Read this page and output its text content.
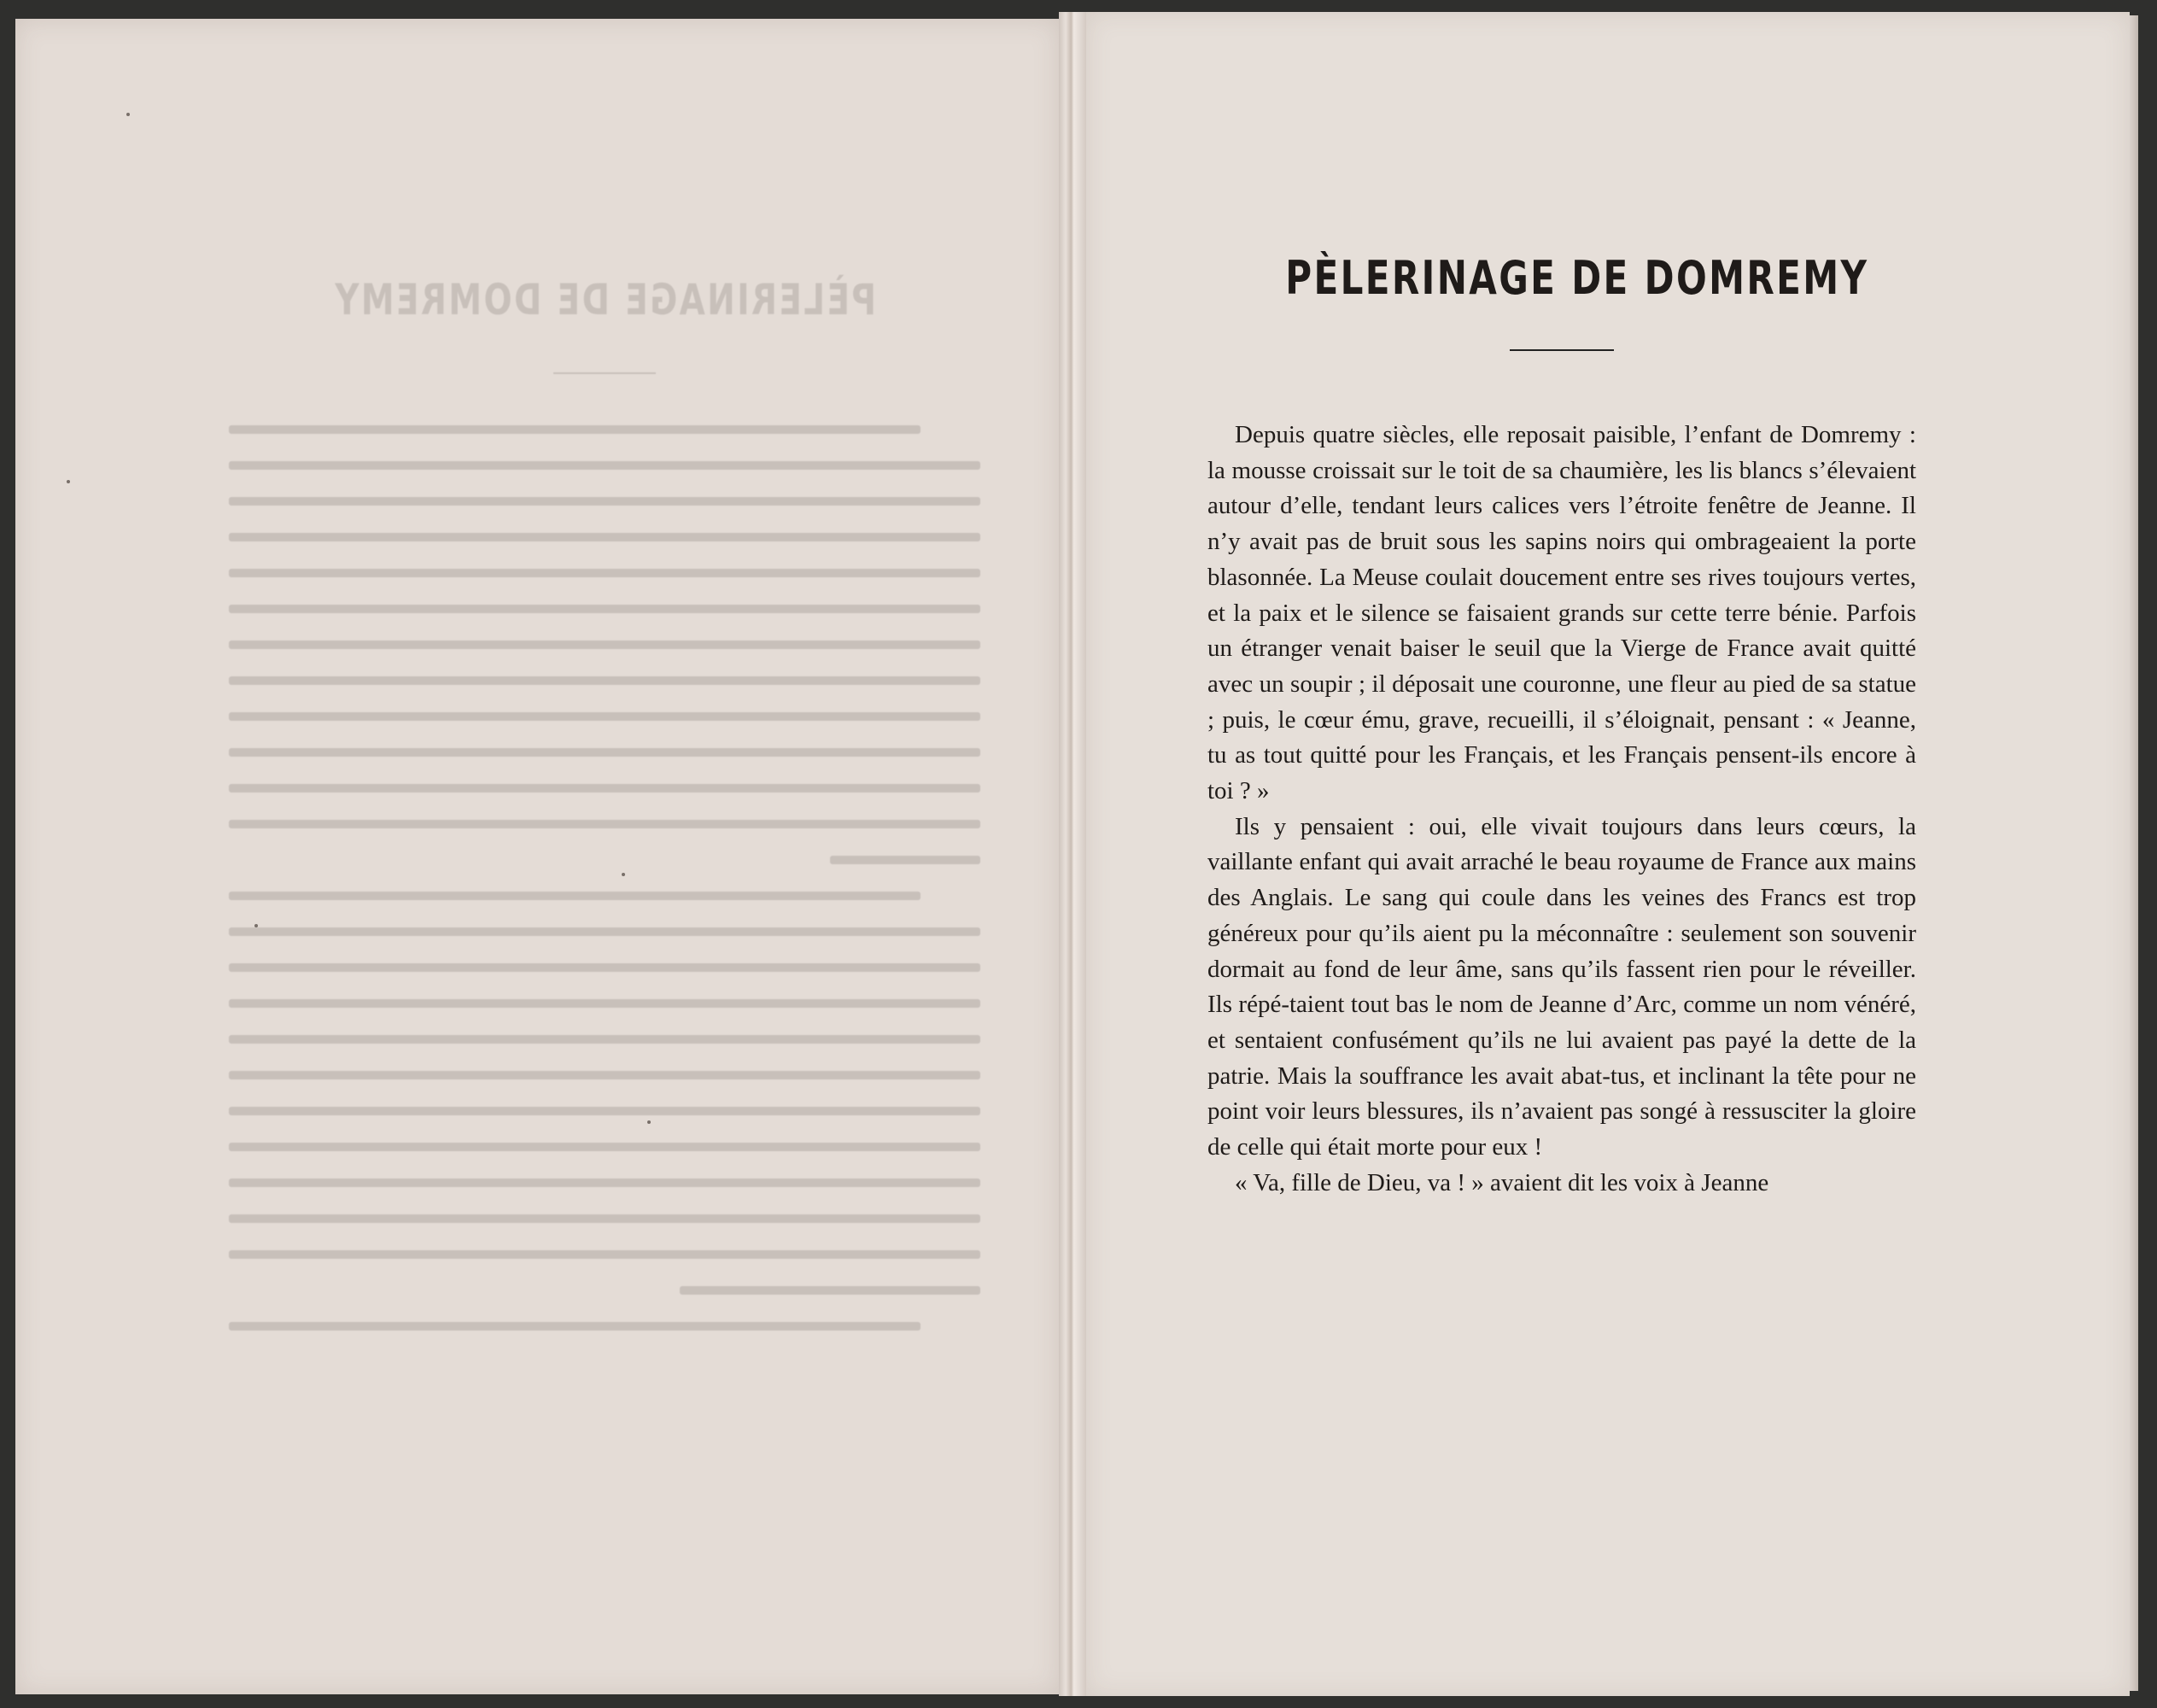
PÈLERINAGE DE DOMREMY	PÈLERINAGE DE DOMREMY

Depuis quatre siècles, elle reposait paisible, l’enfant de Domremy : la mousse croissait sur le toit de sa chaumière, les lis blancs s’élevaient autour d’elle, tendant leurs calices vers l’étroite fenêtre de Jeanne. Il n’y avait pas de bruit sous les sapins noirs qui ombrageaient la porte blasonnée. La Meuse coulait doucement entre ses rives toujours vertes, et la paix et le silence se faisaient grands sur cette terre bénie. Parfois un étranger venait baiser le seuil que la Vierge de France avait quitté avec un soupir ; il déposait une couronne, une fleur au pied de sa statue ; puis, le cœur ému, grave, recueilli, il s’éloignait, pensant : « Jeanne, tu as tout quitté pour les Français, et les Français pensent-ils encore à toi ? »

Ils y pensaient : oui, elle vivait toujours dans leurs cœurs, la vaillante enfant qui avait arraché le beau royaume de France aux mains des Anglais. Le sang qui coule dans les veines des Francs est trop généreux pour qu’ils aient pu la méconnaître : seulement son souvenir dormait au fond de leur âme, sans qu’ils fassent rien pour le réveiller. Ils répé-taient tout bas le nom de Jeanne d’Arc, comme un nom vénéré, et sentaient confusément qu’ils ne lui avaient pas payé la dette de la patrie. Mais la souffrance les avait abat-tus, et inclinant la tête pour ne point voir leurs blessures, ils n’avaient pas songé à ressusciter la gloire de celle qui était morte pour eux !

« Va, fille de Dieu, va ! » avaient dit les voix à Jeanne
